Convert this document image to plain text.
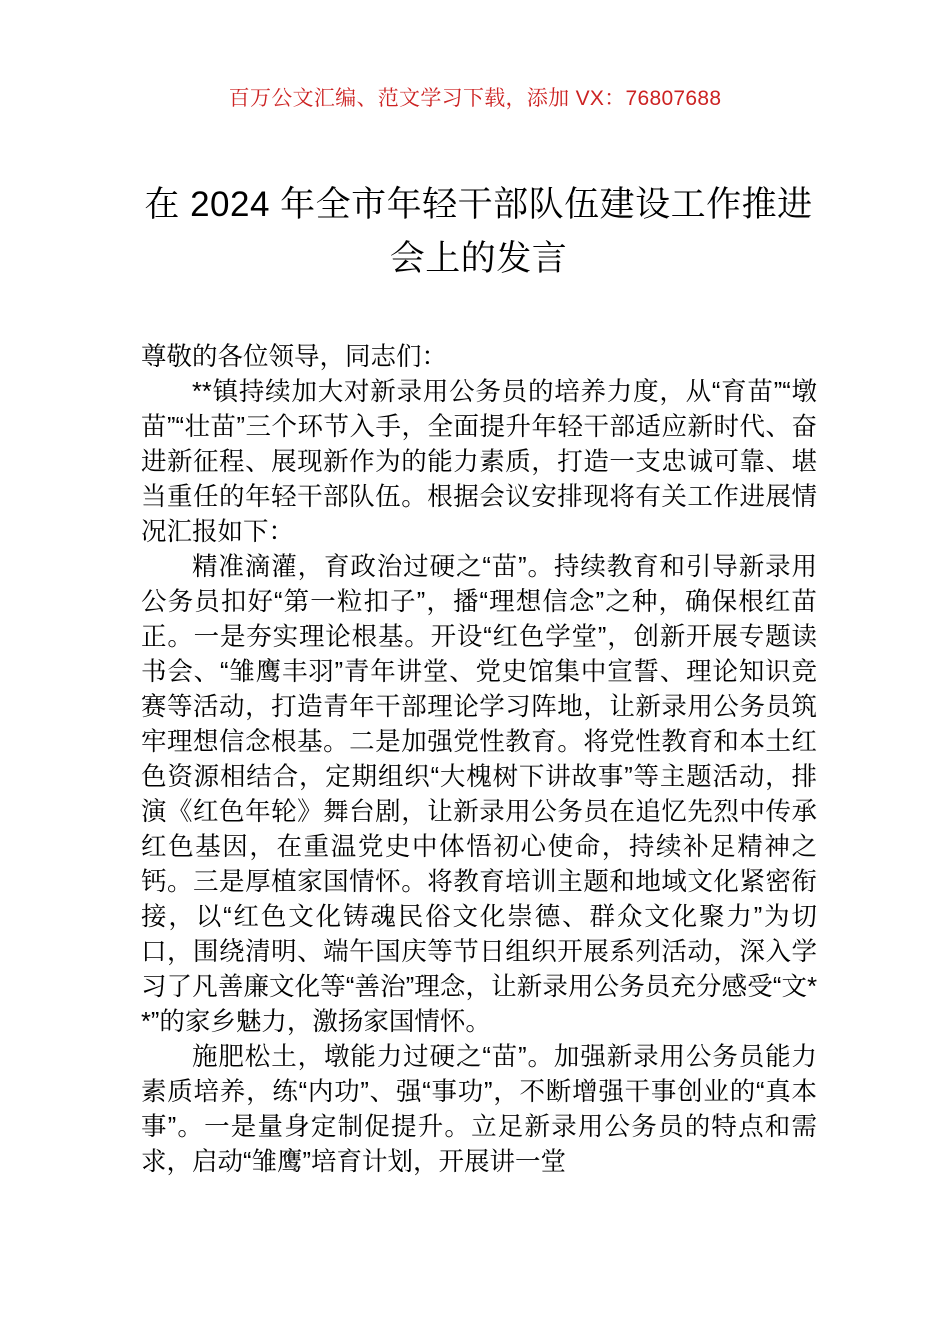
百万公文汇编、范文学习下载，添加 VX：76807688
在 2024 年全市年轻干部队伍建设工作推进会上的发言

尊敬的各位领导，同志们：

**镇持续加大对新录用公务员的培养力度，从“育苗”“墩苗”“壮苗”三个环节入手，全面提升年轻干部适应新时代、奋进新征程、展现新作为的能力素质，打造一支忠诚可靠、堪当重任的年轻干部队伍。根据会议安排现将有关工作进展情况汇报如下：

精准滴灌，育政治过硬之“苗”。持续教育和引导新录用公务员扣好“第一粒扣子”，播“理想信念”之种，确保根红苗正。一是夯实理论根基。开设“红色学堂”，创新开展专题读书会、“雏鹰丰羽”青年讲堂、党史馆集中宣誓、理论知识竞赛等活动，打造青年干部理论学习阵地，让新录用公务员筑牢理想信念根基。二是加强党性教育。将党性教育和本土红色资源相结合，定期组织“大槐树下讲故事”等主题活动，排演《红色年轮》舞台剧，让新录用公务员在追忆先烈中传承红色基因，在重温党史中体悟初心使命，持续补足精神之钙。三是厚植家国情怀。将教育培训主题和地域文化紧密衔接，以“红色文化铸魂民俗文化崇德、群众文化聚力”为切口，围绕清明、端午国庆等节日组织开展系列活动，深入学习了凡善廉文化等“善治”理念，让新录用公务员充分感受“文**”的家乡魅力，激扬家国情怀。

施肥松土，墩能力过硬之“苗”。加强新录用公务员能力素质培养，练“内功”、强“事功”，不断增强干事创业的“真本事”。一是量身定制促提升。立足新录用公务员的特点和需求，启动“雏鹰”培育计划，开展讲一堂
